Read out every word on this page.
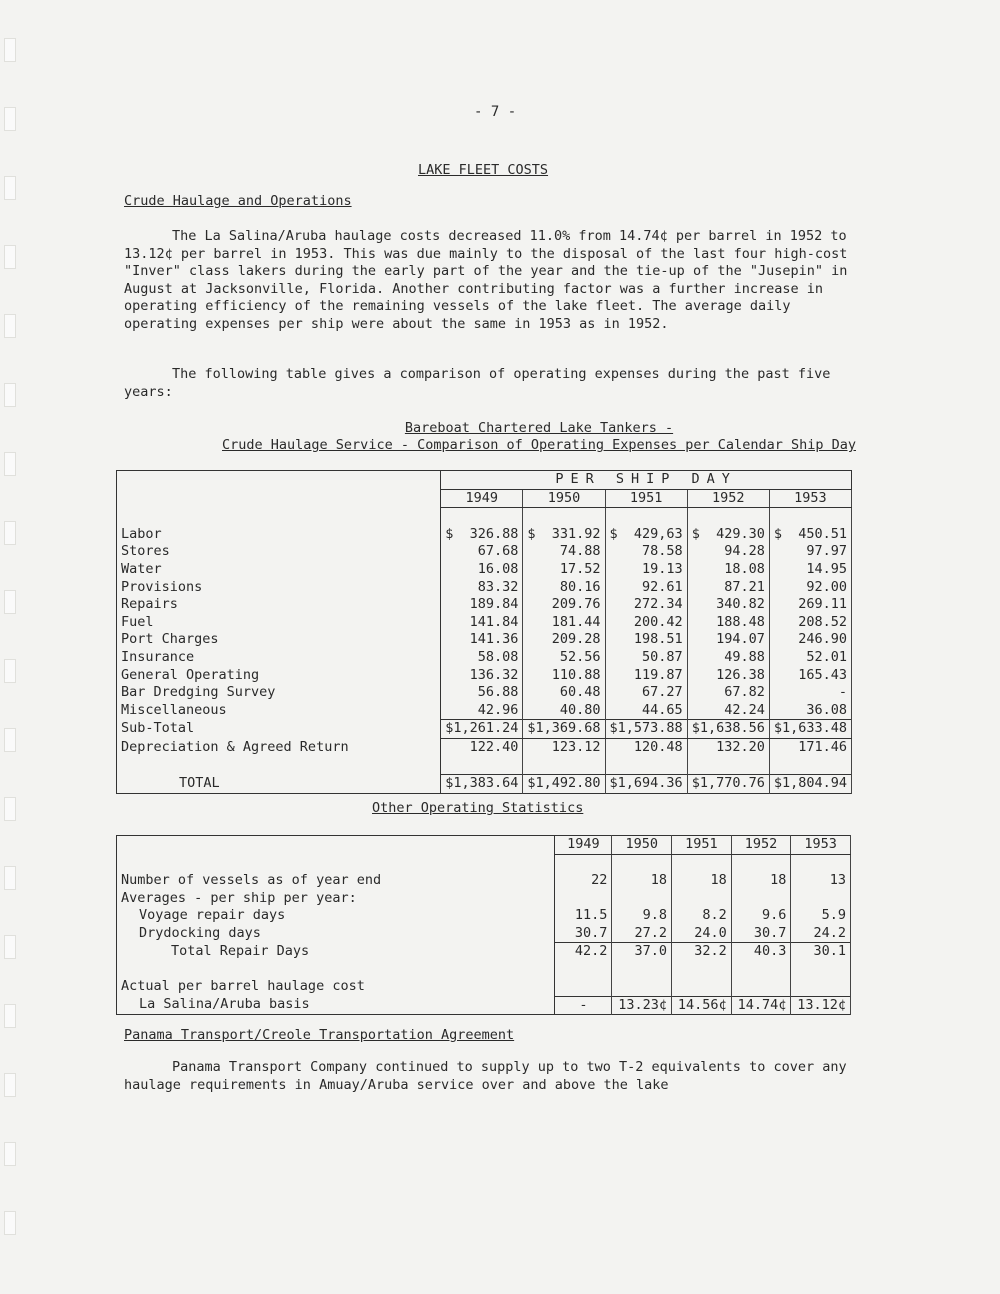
- 7 -
LAKE FLEET COSTS
Crude Haulage and Operations
The La Salina/Aruba haulage costs decreased 11.0% from 14.74¢ per barrel in 1952 to 13.12¢ per barrel in 1953. This was due mainly to the disposal of the last four high-cost "Inver" class lakers during the early part of the year and the tie-up of the "Jusepin" in August at Jacksonville, Florida. Another contributing factor was a further increase in operating efficiency of the remaining vessels of the lake fleet. The average daily operating expenses per ship were about the same in 1953 as in 1952.
The following table gives a comparison of operating expenses during the past five years:
Bareboat Chartered Lake Tankers -
Crude Haulage Service - Comparison of Operating Expenses per Calendar Ship Day
	PER SHIP DAY				
	1949	1950	1951	1952	1953

Labor	$ 326.88	$ 331.92	$ 429,63	$ 429.30	$ 450.51
Stores	67.68	74.88	78.58	94.28	97.97
Water	16.08	17.52	19.13	18.08	14.95
Provisions	83.32	80.16	92.61	87.21	92.00
Repairs	189.84	209.76	272.34	340.82	269.11
Fuel	141.84	181.44	200.42	188.48	208.52
Port Charges	141.36	209.28	198.51	194.07	246.90
Insurance	58.08	52.56	50.87	49.88	52.01
General Operating	136.32	110.88	119.87	126.38	165.43
Bar Dredging Survey	56.88	60.48	67.27	67.82	-
Miscellaneous	42.96	40.80	44.65	42.24	36.08
Sub-Total	$1,261.24	$1,369.68	$1,573.88	$1,638.56	$1,633.48
Depreciation & Agreed Return	122.40	123.12	120.48	132.20	171.46

TOTAL	$1,383.64	$1,492.80	$1,694.36	$1,770.76	$1,804.94
Other Operating Statistics
	1949	1950	1951	1952	1953

Number of vessels as of year end	22	18	18	18	13
Averages - per ship per year:					
Voyage repair days	11.5	9.8	8.2	9.6	5.9
Drydocking days	30.7	27.2	24.0	30.7	24.2
Total Repair Days	42.2	37.0	32.2	40.3	30.1

Actual per barrel haulage cost					
La Salina/Aruba basis	-	13.23¢	14.56¢	14.74¢	13.12¢
Panama Transport/Creole Transportation Agreement
Panama Transport Company continued to supply up to two T-2 equivalents to cover any haulage requirements in Amuay/Aruba service over and above the lake
